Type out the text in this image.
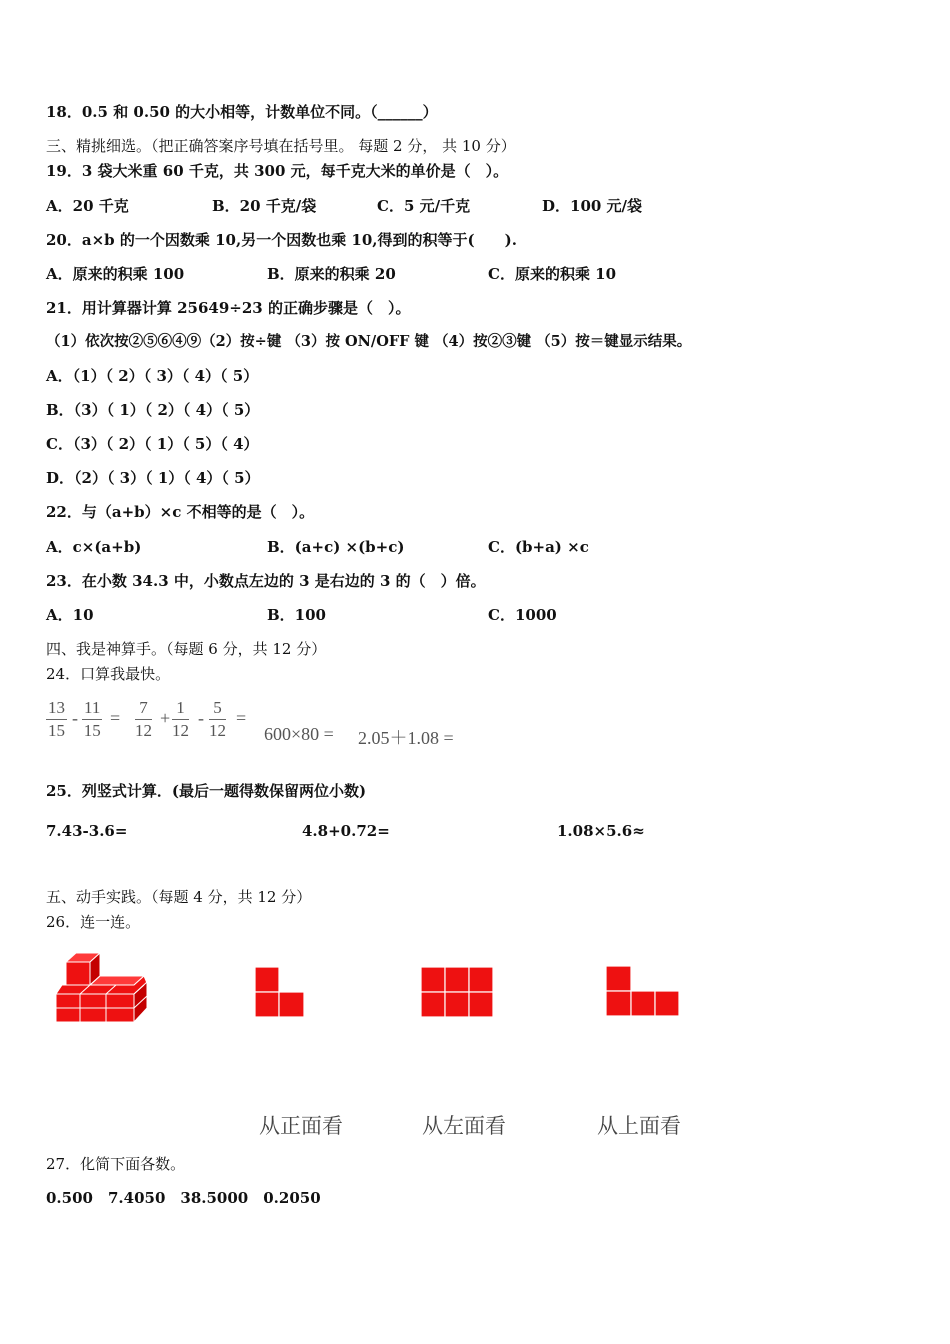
18．0.5 和 0.50 的大小相等，计数单位不同。（______）
三、精挑细选。（把正确答案序号填在括号里。 每题 2 分， 共 10 分）
19．3 袋大米重 60 千克，共 300 元，每千克大米的单价是（　）。
A．20 千克	B．20 千克/袋	C．5 元/千克	D．100 元/袋
20．a×b 的一个因数乘 10,另一个因数也乘 10,得到的积等于(　　).
A．原来的积乘 100	B．原来的积乘 20	C．原来的积乘 10
21．用计算器计算 25649÷23 的正确步骤是（　）。
（1）依次按②⑤⑥④⑨（2）按÷键 （3）按 ON/OFF 键 （4）按②③键 （5）按＝键显示结果。
A．（1）（ 2）（ 3）（ 4）（ 5）
B．（3）（ 1）（ 2）（ 4）（ 5）
C．（3）（ 2）（ 1）（ 5）（ 4）
D．（2）（ 3）（ 1）（ 4）（ 5）
22．与（a+b）×c 不相等的是（　）。
A．c×(a+b)	B．(a+c) ×(b+c)	C．(b+a) ×c
23．在小数 34.3 中，小数点左边的 3 是右边的 3 的（　）倍。
A．10	B．100	C．1000
四、我是神算手。（每题 6 分，共 12 分）
24．口算我最快。
$\frac{13}{15} - \frac{11}{15} = \frac{7}{12} + \frac{1}{12} - \frac{5}{12}$ =
600×80 = 2.05＋1.08 =
25．列竖式计算．(最后一题得数保留两位小数)
7.43-3.6=	4.8+0.72=	1.08×5.6≈
五、动手实践。（每题 4 分，共 12 分）
26．连一连。
从正面看	从左面看	从上面看
27．化简下面各数。
0.500　7.4050　38.5000　0.2050
